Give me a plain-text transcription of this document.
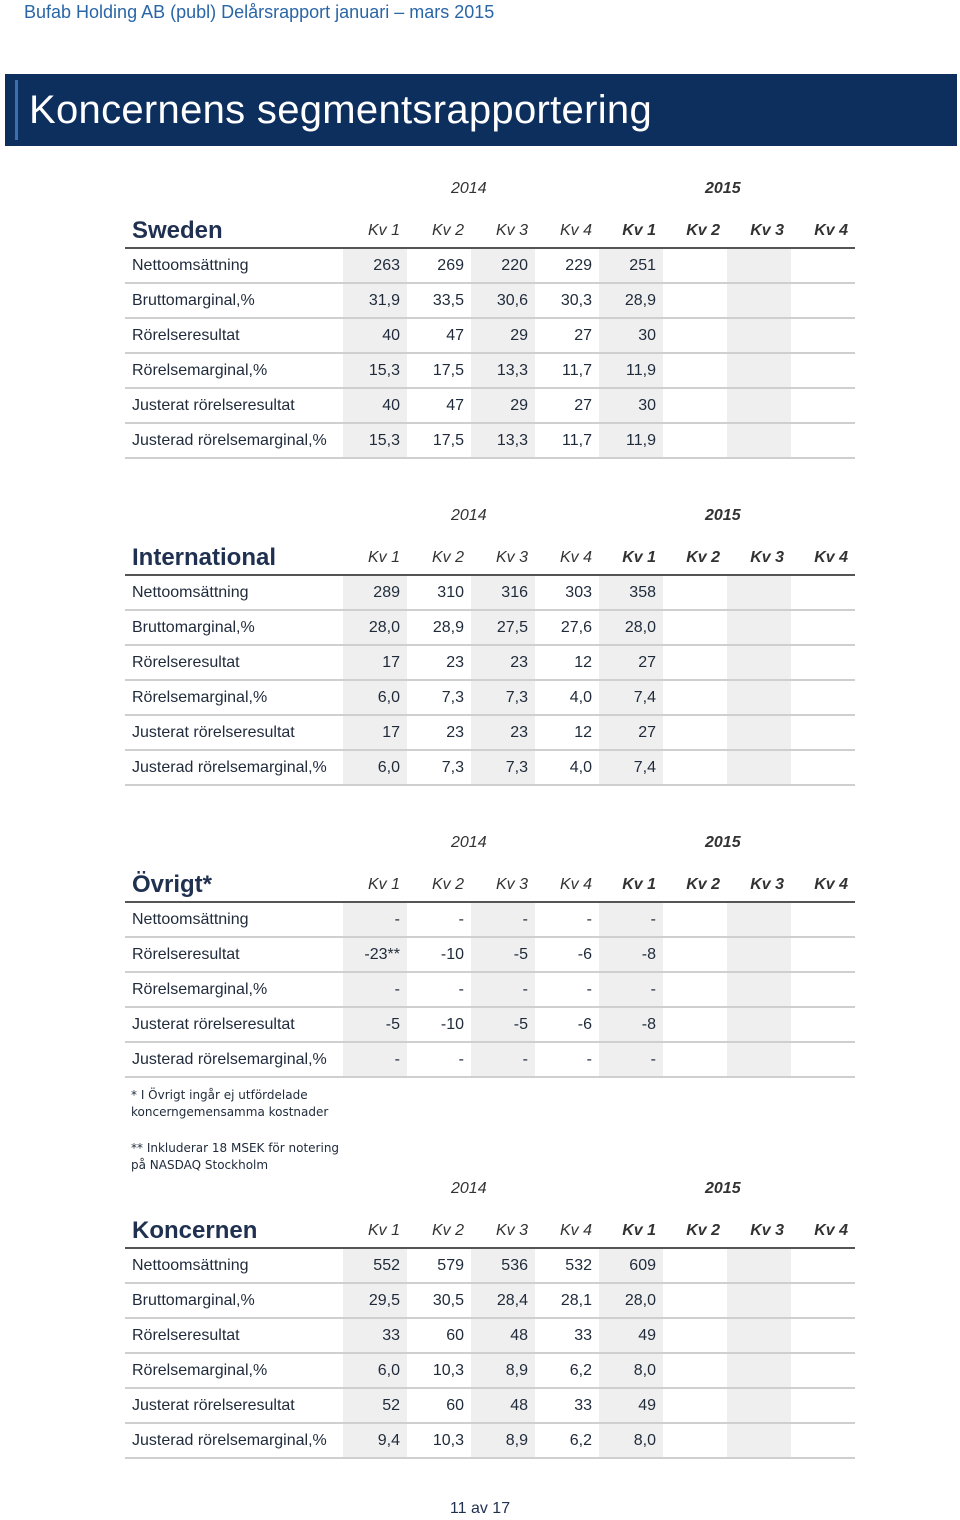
Bufab Holding AB (publ) Delårsrapport januari – mars 2015
Koncernens segmentsrapportering
2014	2015
Sweden	Kv 1	Kv 2	Kv 3	Kv 4	Kv 1	Kv 2	Kv 3	Kv 4
Nettoomsättning	263	269	220	229	251			
Bruttomarginal,%	31,9	33,5	30,6	30,3	28,9			
Rörelseresultat	40	47	29	27	30			
Rörelsemarginal,%	15,3	17,5	13,3	11,7	11,9			
Justerat rörelseresultat	40	47	29	27	30			
Justerad rörelsemarginal,%	15,3	17,5	13,3	11,7	11,9			
2014	2015
International	Kv 1	Kv 2	Kv 3	Kv 4	Kv 1	Kv 2	Kv 3	Kv 4
Nettoomsättning	289	310	316	303	358			
Bruttomarginal,%	28,0	28,9	27,5	27,6	28,0			
Rörelseresultat	17	23	23	12	27			
Rörelsemarginal,%	6,0	7,3	7,3	4,0	7,4			
Justerat rörelseresultat	17	23	23	12	27			
Justerad rörelsemarginal,%	6,0	7,3	7,3	4,0	7,4			
2014	2015
Övrigt*	Kv 1	Kv 2	Kv 3	Kv 4	Kv 1	Kv 2	Kv 3	Kv 4
Nettoomsättning	-	-	-	-	-			
Rörelseresultat	-23**	-10	-5	-6	-8			
Rörelsemarginal,%	-	-	-	-	-			
Justerat rörelseresultat	-5	-10	-5	-6	-8			
Justerad rörelsemarginal,%	-	-	-	-	-			
2014	2015
Koncernen	Kv 1	Kv 2	Kv 3	Kv 4	Kv 1	Kv 2	Kv 3	Kv 4
Nettoomsättning	552	579	536	532	609			
Bruttomarginal,%	29,5	30,5	28,4	28,1	28,0			
Rörelseresultat	33	60	48	33	49			
Rörelsemarginal,%	6,0	10,3	8,9	6,2	8,0			
Justerat rörelseresultat	52	60	48	33	49			
Justerad rörelsemarginal,%	9,4	10,3	8,9	6,2	8,0			
* I Övrigt ingår ej utfördelade koncerngemensamma kostnader
** Inkluderar 18 MSEK för notering på NASDAQ Stockholm
11 av 17
